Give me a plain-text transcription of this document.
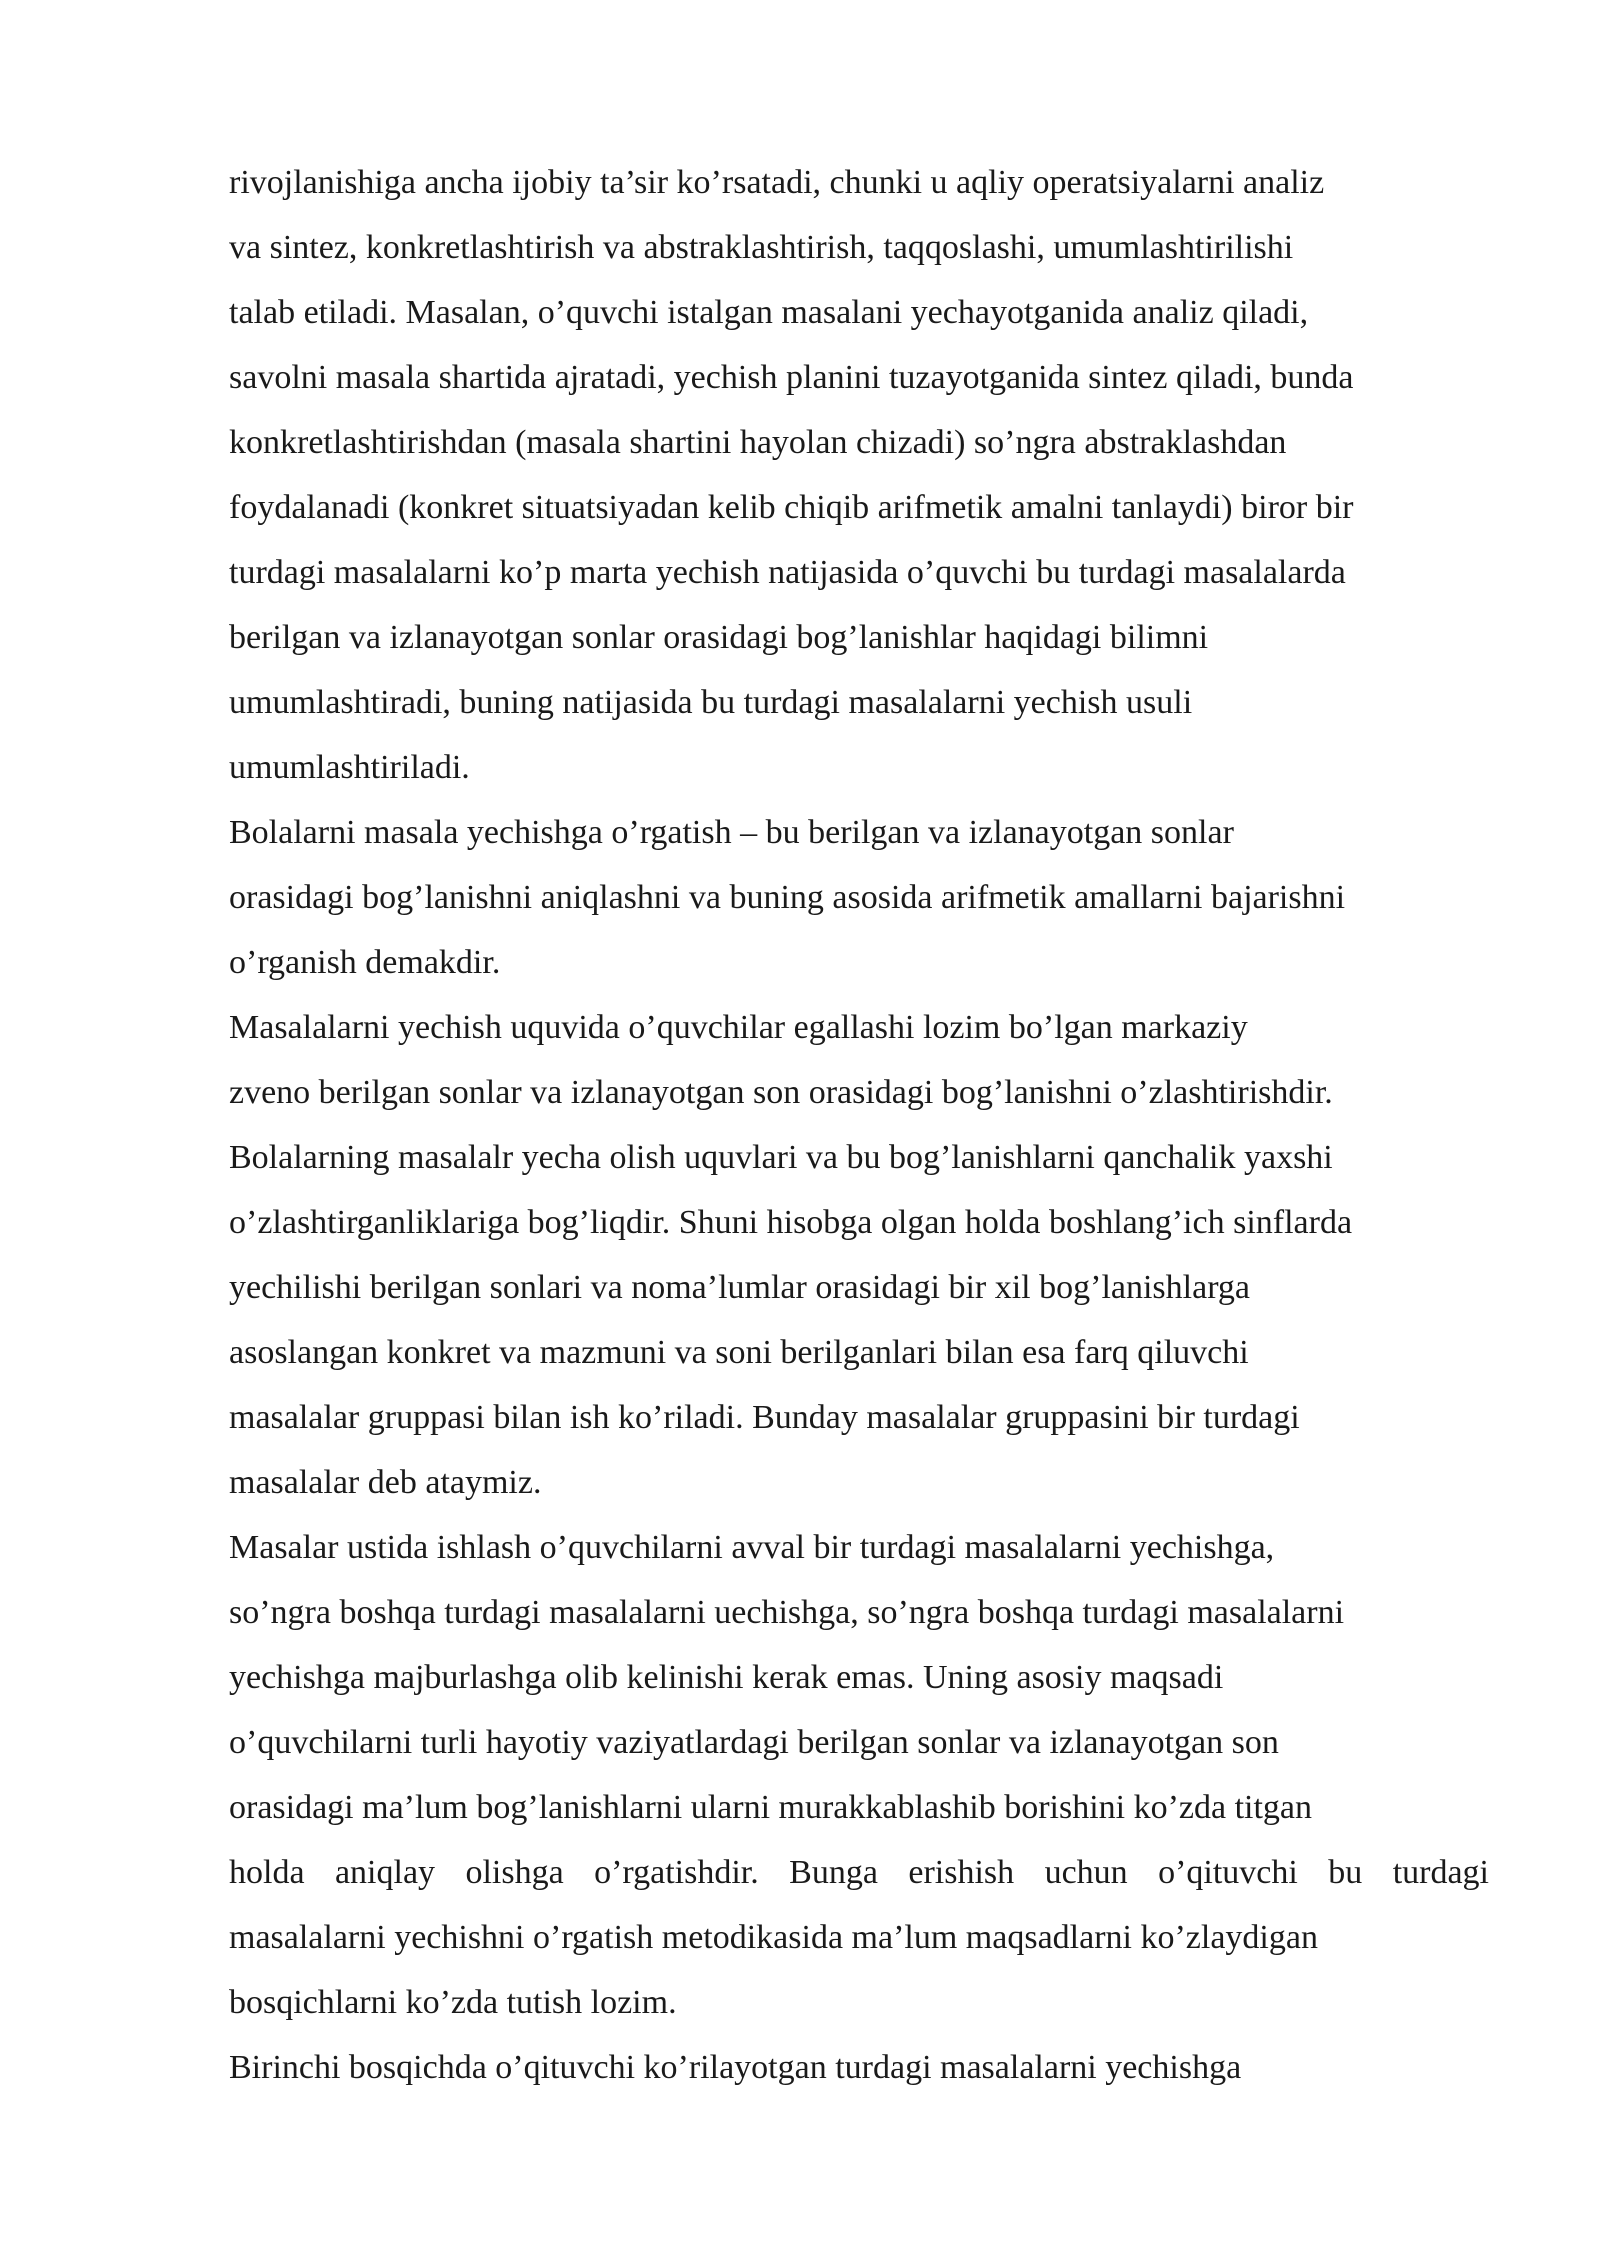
rivojlanishiga ancha ijobiy ta’sir ko’rsatadi, chunki u aqliy operatsiyalarni analiz
va sintez, konkretlashtirish va abstraklashtirish, taqqoslashi, umumlashtirilishi
talab etiladi. Masalan, o’quvchi istalgan masalani yechayotganida analiz qiladi,
savolni masala shartida ajratadi, yechish planini tuzayotganida sintez qiladi, bunda
konkretlashtirishdan (masala shartini hayolan chizadi) so’ngra abstraklashdan
foydalanadi (konkret situatsiyadan kelib chiqib arifmetik amalni tanlaydi) biror bir
turdagi masalalarni ko’p marta yechish natijasida o’quvchi bu turdagi masalalarda
berilgan va izlanayotgan sonlar orasidagi bog’lanishlar haqidagi bilimni
umumlashtiradi, buning natijasida bu turdagi masalalarni yechish usuli
umumlashtiriladi.
Bolalarni masala yechishga o’rgatish – bu berilgan va izlanayotgan sonlar
orasidagi bog’lanishni aniqlashni va buning asosida arifmetik amallarni bajarishni
o’rganish demakdir.
Masalalarni yechish uquvida o’quvchilar egallashi lozim bo’lgan markaziy
zveno berilgan sonlar va izlanayotgan son orasidagi bog’lanishni o’zlashtirishdir.
Bolalarning masalalr yecha olish uquvlari va bu bog’lanishlarni qanchalik yaxshi
o’zlashtirganliklariga bog’liqdir. Shuni hisobga olgan holda boshlang’ich sinflarda
yechilishi berilgan sonlari va noma’lumlar orasidagi bir xil bog’lanishlarga
asoslangan konkret va mazmuni va soni berilganlari bilan esa farq qiluvchi
masalalar gruppasi bilan ish ko’riladi. Bunday masalalar gruppasini bir turdagi
masalalar deb ataymiz.
Masalar ustida ishlash o’quvchilarni avval bir turdagi masalalarni yechishga,
so’ngra boshqa turdagi masalalarni uechishga, so’ngra boshqa turdagi masalalarni
yechishga majburlashga olib kelinishi kerak emas. Uning asosiy maqsadi
o’quvchilarni turli hayotiy vaziyatlardagi berilgan sonlar va izlanayotgan son
orasidagi ma’lum bog’lanishlarni ularni murakkablashib borishini ko’zda titgan
holda aniqlay olishga o’rgatishdir. Bunga erishish uchun o’qituvchi bu turdagi
masalalarni yechishni o’rgatish metodikasida ma’lum maqsadlarni ko’zlaydigan
bosqichlarni ko’zda tutish lozim.
Birinchi bosqichda o’qituvchi ko’rilayotgan turdagi masalalarni yechishga
